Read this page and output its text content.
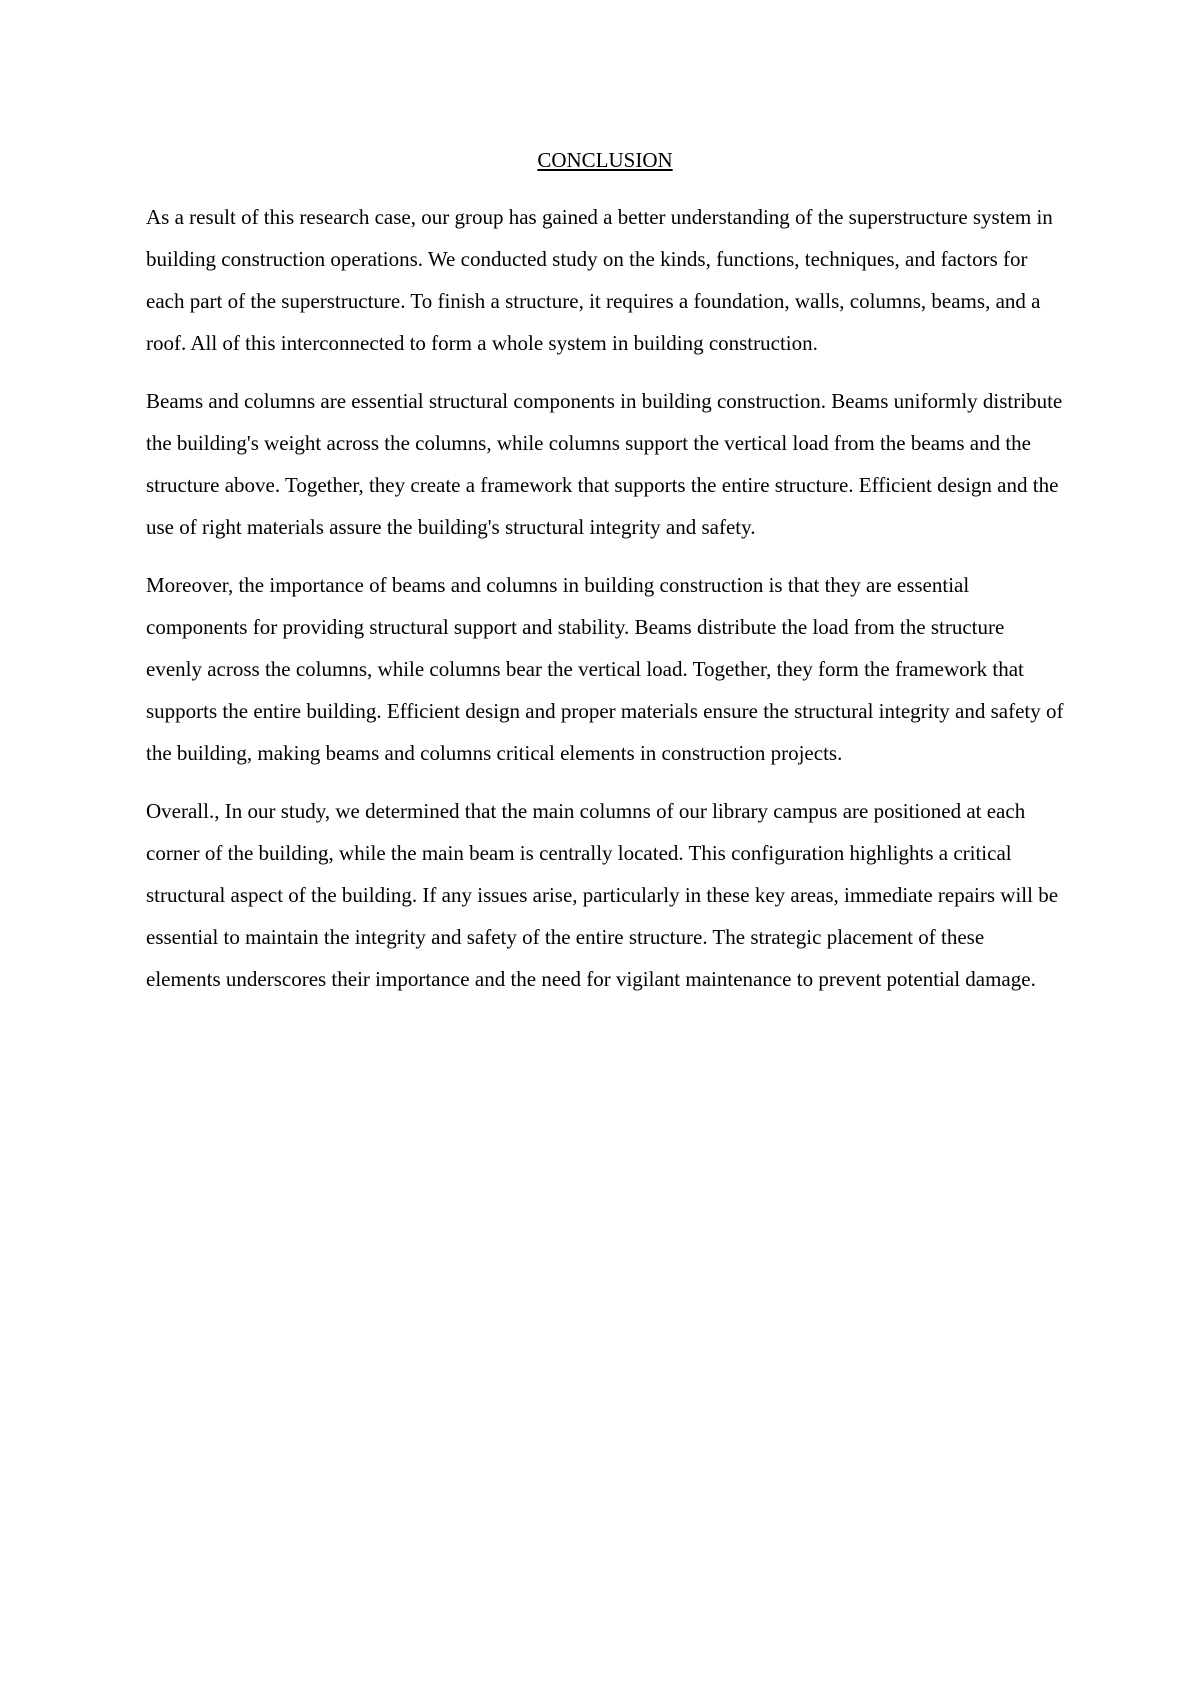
CONCLUSION

As a result of this research case, our group has gained a better understanding of the superstructure system in building construction operations. We conducted study on the kinds, functions, techniques, and factors for each part of the superstructure. To finish a structure, it requires a foundation, walls, columns, beams, and a roof. All of this interconnected to form a whole system in building construction.

Beams and columns are essential structural components in building construction. Beams uniformly distribute the building's weight across the columns, while columns support the vertical load from the beams and the structure above. Together, they create a framework that supports the entire structure. Efficient design and the use of right materials assure the building's structural integrity and safety.

Moreover, the importance of beams and columns in building construction is that they are essential components for providing structural support and stability. Beams distribute the load from the structure evenly across the columns, while columns bear the vertical load. Together, they form the framework that supports the entire building. Efficient design and proper materials ensure the structural integrity and safety of the building, making beams and columns critical elements in construction projects.

Overall., In our study, we determined that the main columns of our library campus are positioned at each corner of the building, while the main beam is centrally located. This configuration highlights a critical structural aspect of the building. If any issues arise, particularly in these key areas, immediate repairs will be essential to maintain the integrity and safety of the entire structure. The strategic placement of these elements underscores their importance and the need for vigilant maintenance to prevent potential damage.
